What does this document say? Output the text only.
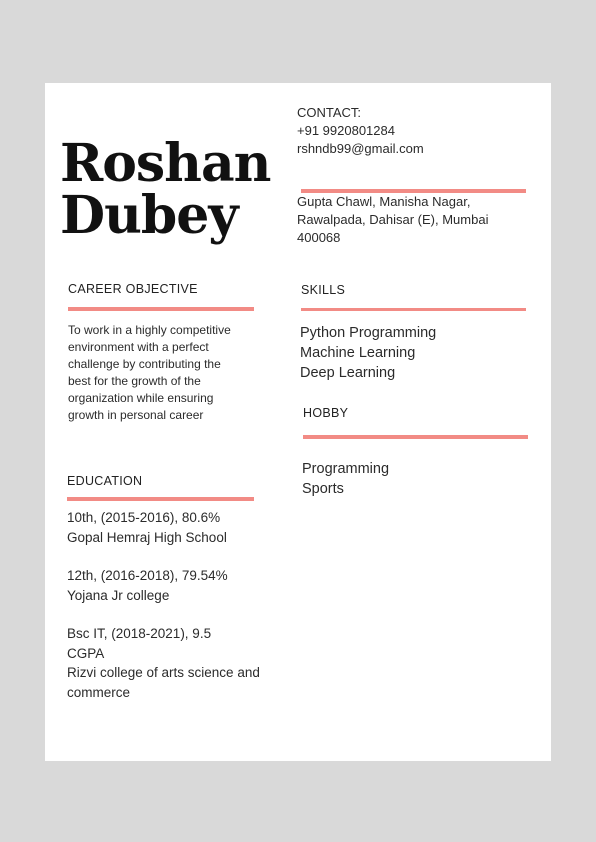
Roshan
Dubey
CONTACT:
+91 9920801284
rshndb99@gmail.com
Gupta Chawl, Manisha Nagar, Rawalpada, Dahisar (E), Mumbai 400068
CAREER OBJECTIVE
To work in a highly competitive environment with a perfect challenge by contributing the best for the growth of the organization while ensuring growth in personal career
EDUCATION
10th, (2015-2016), 80.6%
Gopal Hemraj High School
12th, (2016-2018), 79.54%
Yojana Jr college
Bsc IT, (2018-2021), 9.5 CGPA
Rizvi college of arts science and commerce
SKILLS
Python Programming
Machine Learning
Deep Learning
HOBBY
Programming
Sports
